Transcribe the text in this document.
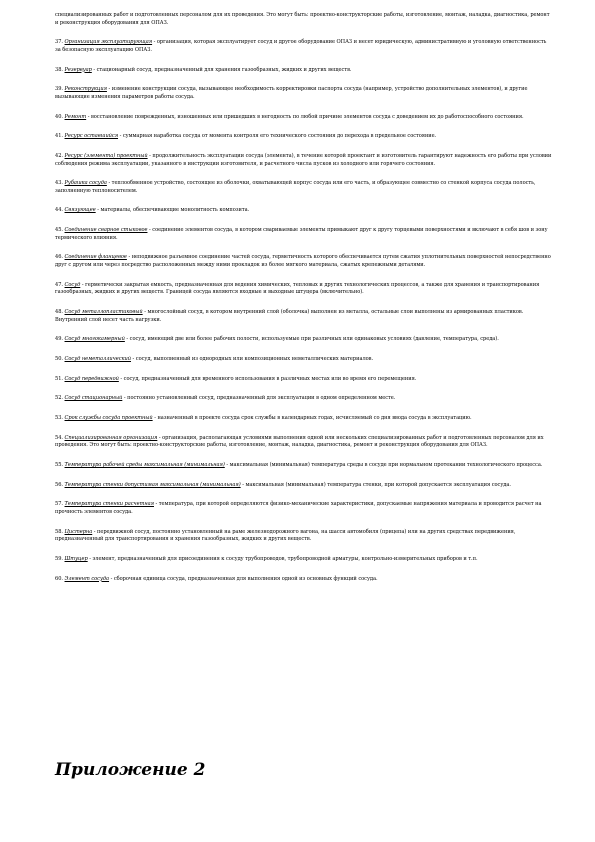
специализированных работ и подготовленных персоналом для их проведения. Это могут быть: проектно-конструкторские работы, изготовление, монтаж, наладка, диагностика, ремонт и реконструкция оборудования для ОПАЗ.

37. Организация эксплуатирующая - организация, которая эксплуатирует сосуд и другое оборудование ОПАЗ и несет юридическую, административную и уголовную ответственность за безопасную эксплуатацию ОПАЗ.

38. Резервуар - стационарный сосуд, предназначенный для хранения газообразных, жидких и других веществ.

39. Реконструкция - изменение конструкции сосуда, вызывающее необходимость корректировки паспорта сосуда (например, устройство дополнительных элементов), и другие вызывающие изменения параметров работы сосуда.

40. Ремонт - восстановление поврежденных, изношенных или пришедших в негодность по любой причине элементов сосуда с доведением их до работоспособного состояния.

41. Ресурс оставшийся - суммарная наработка сосуда от момента контроля его технического состояния до перехода в предельное состояние.

42. Ресурс (элемента) проектный - продолжительность эксплуатации сосуда (элемента), в течение которой проектант и изготовитель гарантируют надежность его работы при условии соблюдения режима эксплуатации, указанного в инструкции изготовителя, и расчетного числа пусков из холодного или горячего состояния.

43. Рубашка сосуда - теплообменное устройство, состоящее из оболочки, охватывающей корпус сосуда или его часть, и образующее совместно со стенкой корпуса сосуда полость, заполненную теплоносителем.

44. Связующее - материалы, обеспечивающие монолитность композита.

45. Соединение сварное стыковое - соединение элементов сосуда, в котором свариваемые элементы примыкают друг к другу торцевыми поверхностями и включают в себя шов и зону термического влияния.

46. Соединение фланцевое - неподвижное разъемное соединение частей сосуда, герметичность которого обеспечивается путем сжатия уплотнительных поверхностей непосредственно друг с другом или через посредство расположенных между ними прокладок из более мягкого материала, сжатых крепежными деталями.

47. Сосуд - герметически закрытая емкость, предназначенная для ведения химических, тепловых и других технологических процессов, а также для хранения и транспортирования газообразных, жидких и других веществ. Границей сосуда являются входные и выходные штуцера (включительно).

48. Сосуд металлопластиковый - многослойный сосуд, в котором внутренний слой (оболочка) выполнен из металла, остальные слои выполнены из армированных пластиков. Внутренний слой несет часть нагрузки.

49. Сосуд многокамерный - сосуд, имеющий две или более рабочих полости, используемые при различных или одинаковых условиях (давление, температура, среда).

50. Сосуд неметаллический - сосуд, выполненный из однородных или композиционных неметаллических материалов.

51. Сосуд передвижной - сосуд, предназначенный для временного использования в различных местах или во время его перемещения.

52. Сосуд стационарный - постоянно установленный сосуд, предназначенный для эксплуатации в одном определенном месте.

53. Срок службы сосуда проектный - назначенный в проекте сосуда срок службы в календарных годах, исчисляемый со дня ввода сосуда в эксплуатацию.

54. Специализированная организация - организация, располагающая условиями выполнения одной или нескольких специализированных работ и подготовленных персоналом для их проведения. Это могут быть: проектно-конструкторские работы, изготовление, монтаж, наладка, диагностика, ремонт и реконструкция оборудования для ОПАЗ.

55. Температура рабочей среды максимальная (минимальная) - максимальная (минимальная) температура среды в сосуде при нормальном протекании технологического процесса.

56. Температура стенки допустимая максимальная (минимальная) - максимальная (минимальная) температура стенки, при которой допускается эксплуатация сосуда.

57. Температура стенки расчетная - температура, при которой определяются физико-механические характеристики, допускаемые напряжения материала и проводится расчет на прочность элементов сосуда.

58. Цистерна - передвижной сосуд, постоянно установленный на раме железнодорожного вагона, на шасси автомобиля (прицепа) или на других средствах передвижения, предназначенный для транспортирования и хранения газообразных, жидких и других веществ.

59. Штуцер - элемент, предназначенный для присоединения к сосуду трубопроводов, трубопроводной арматуры, контрольно-измерительных приборов и т.п.

60. Элемент сосуда - сборочная единица сосуда, предназначенная для выполнения одной из основных функций сосуда.

Приложение 2
